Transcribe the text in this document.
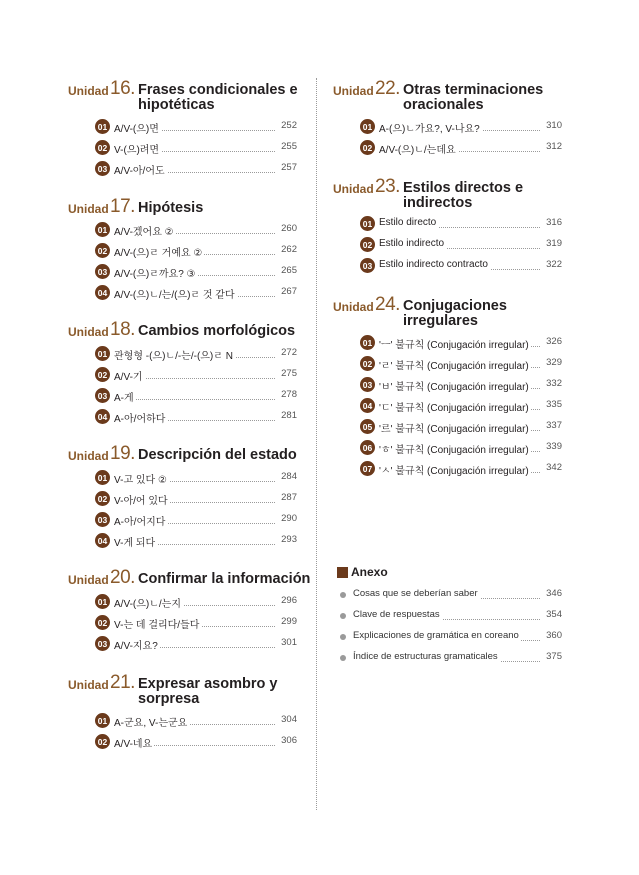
Unidad 16. Frases condicionales e
hipotéticas
01 A/V-(으)면	252
02 V-(으)려면	255
03 A/V-아/어도	257
Unidad 17. Hipótesis
01 A/V-겠어요 ②	260
02 A/V-(으)ㄹ 거예요 ②	262
03 A/V-(으)ㄹ까요? ③	265
04 A/V-(으)ㄴ/는/(으)ㄹ 것 같다	267
Unidad 18. Cambios morfológicos
01 관형형 -(으)ㄴ/-는/-(으)ㄹ N	272
02 A/V-기	275
03 A-게	278
04 A-아/어하다	281
Unidad 19. Descripción del estado
01 V-고 있다 ②	284
02 V-아/어 있다	287
03 A-아/어지다	290
04 V-게 되다	293
Unidad 20. Confirmar la información
01 A/V-(으)ㄴ/는지	296
02 V-는 데 걸리다/들다	299
03 A/V-지요?	301
Unidad 21. Expresar asombro y
sorpresa
01 A-군요, V-는군요	304
02 A/V-네요	306
Unidad 22. Otras terminaciones
oracionales
01 A-(으)ㄴ가요?, V-나요?	310
02 A/V-(으)ㄴ/는데요	312
Unidad 23. Estilos directos e
indirectos
01 Estilo directo	316
02 Estilo indirecto	319
03 Estilo indirecto contracto	322
Unidad 24. Conjugaciones
irregulares
01 'ㅡ' 불규칙 (Conjugación irregular)	326
02 'ㄹ' 불규칙 (Conjugación irregular)	329
03 'ㅂ' 불규칙 (Conjugación irregular)	332
04 'ㄷ' 불규칙 (Conjugación irregular)	335
05 '르' 불규칙 (Conjugación irregular)	337
06 'ㅎ' 불규칙 (Conjugación irregular)	339
07 'ㅅ' 불규칙 (Conjugación irregular)	342
Anexo
Cosas que se deberían saber	346
Clave de respuestas	354
Explicaciones de gramática en coreano	360
Índice de estructuras gramaticales	375
